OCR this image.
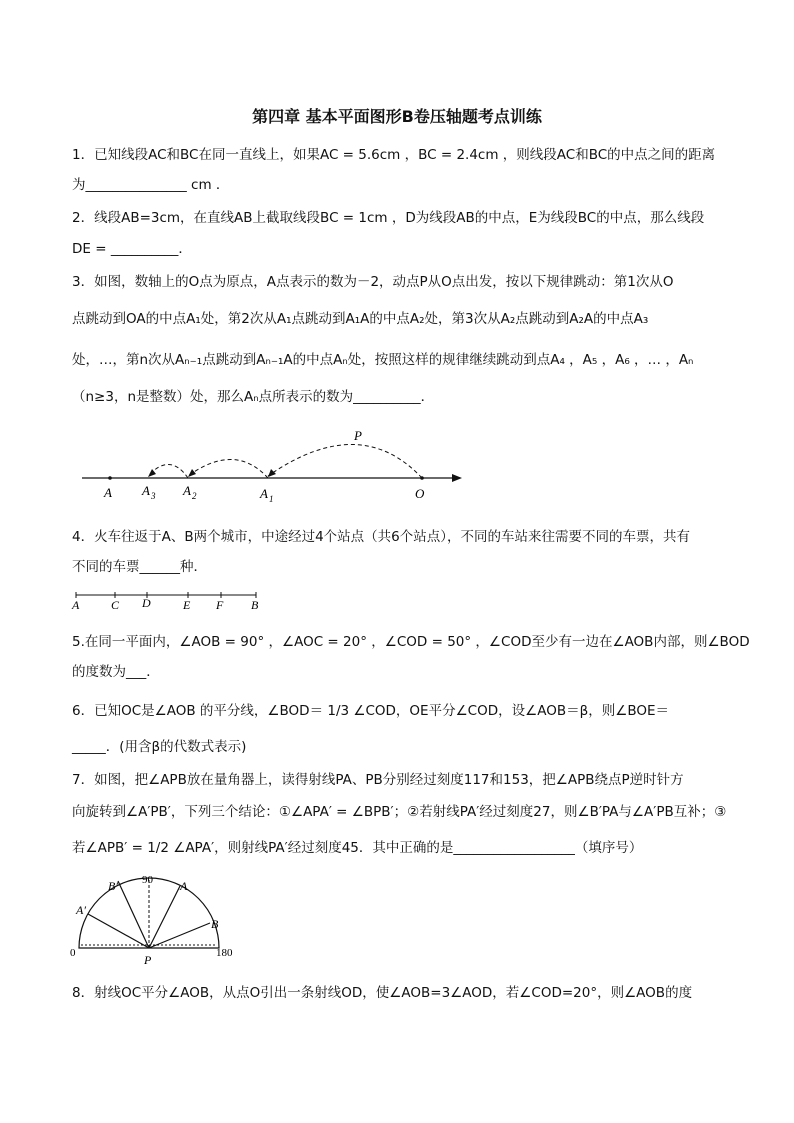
第四章 基本平面图形B卷压轴题考点训练
1．已知线段AC和BC在同一直线上，如果AC = 5.6cm ，BC = 2.4cm ，则线段AC和BC的中点之间的距离
为_______________ cm ．
2．线段AB=3cm，在直线AB上截取线段BC = 1cm ，D为线段AB的中点，E为线段BC的中点，那么线段
DE = __________．
3．如图，数轴上的O点为原点，A点表示的数为－2，动点P从O点出发，按以下规律跳动：第1次从O
点跳动到OA的中点A₁处，第2次从A₁点跳动到A₁A的中点A₂处，第3次从A₂点跳动到A₂A的中点A₃
处，…，第n次从Aₙ₋₁点跳动到Aₙ₋₁A的中点Aₙ处，按照这样的规律继续跳动到点A₄ ，A₅ ，A₆ ，… ，Aₙ
（n≥3，n是整数）处，那么Aₙ点所表示的数为__________．
P
A A 3 A 2	A 1	O
4．火车往返于A、B两个城市，中途经过4个站点（共6个站点），不同的车站来往需要不同的车票，共有
不同的车票______种．
A	C D	E F B
5.在同一平面内，∠AOB = 90° ，∠AOC = 20° ，∠COD = 50° ，∠COD至少有一边在∠AOB内部，则∠BOD
的度数为___．
6．已知OC是∠AOB 的平分线，∠BOD＝ 1/3 ∠COD，OE平分∠COD，设∠AOB＝β，则∠BOE＝
_____．(用含β的代数式表示)
7．如图，把∠APB放在量角器上，读得射线PA、PB分别经过刻度117和153，把∠APB绕点P逆时针方
向旋转到∠A′PB′，下列三个结论：①∠APA′ = ∠BPB′；②若射线PA′经过刻度27，则∠B′PA与∠A′PB互补；③
若∠APB′ = 1/2 ∠APA′，则射线PA′经过刻度45．其中正确的是__________________（填序号）
90
0	180
P
A
B
A′
B′
8．射线OC平分∠AOB，从点O引出一条射线OD，使∠AOB=3∠AOD，若∠COD=20°，则∠AOB的度
